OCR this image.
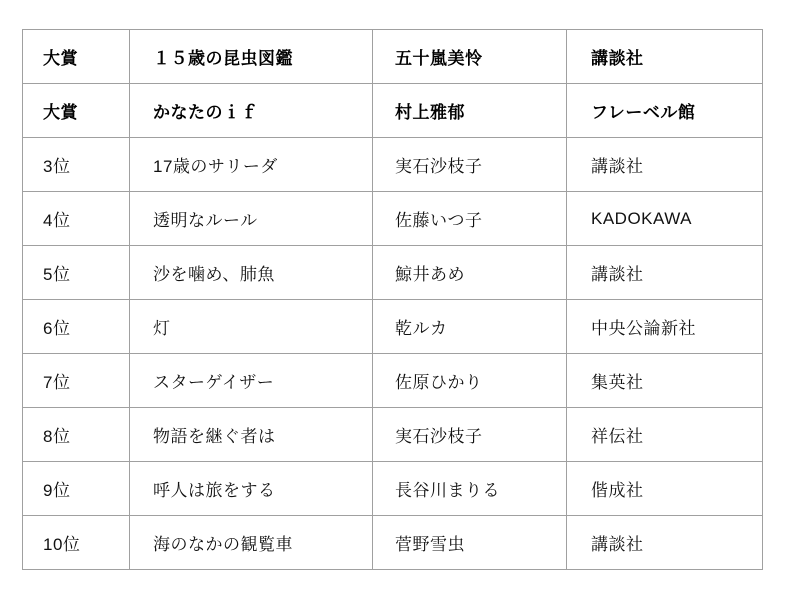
大賞	１５歳の昆虫図鑑	五十嵐美怜	講談社
大賞	かなたのｉｆ	村上雅郁	フレーベル館
3位	17歳のサリーダ	実石沙枝子	講談社
4位	透明なルール	佐藤いつ子	KADOKAWA
5位	沙を噛め、肺魚	鯨井あめ	講談社
6位	灯	乾ルカ	中央公論新社
7位	スターゲイザー	佐原ひかり	集英社
8位	物語を継ぐ者は	実石沙枝子	祥伝社
9位	呼人は旅をする	長谷川まりる	偕成社
10位	海のなかの観覧車	菅野雪虫	講談社
